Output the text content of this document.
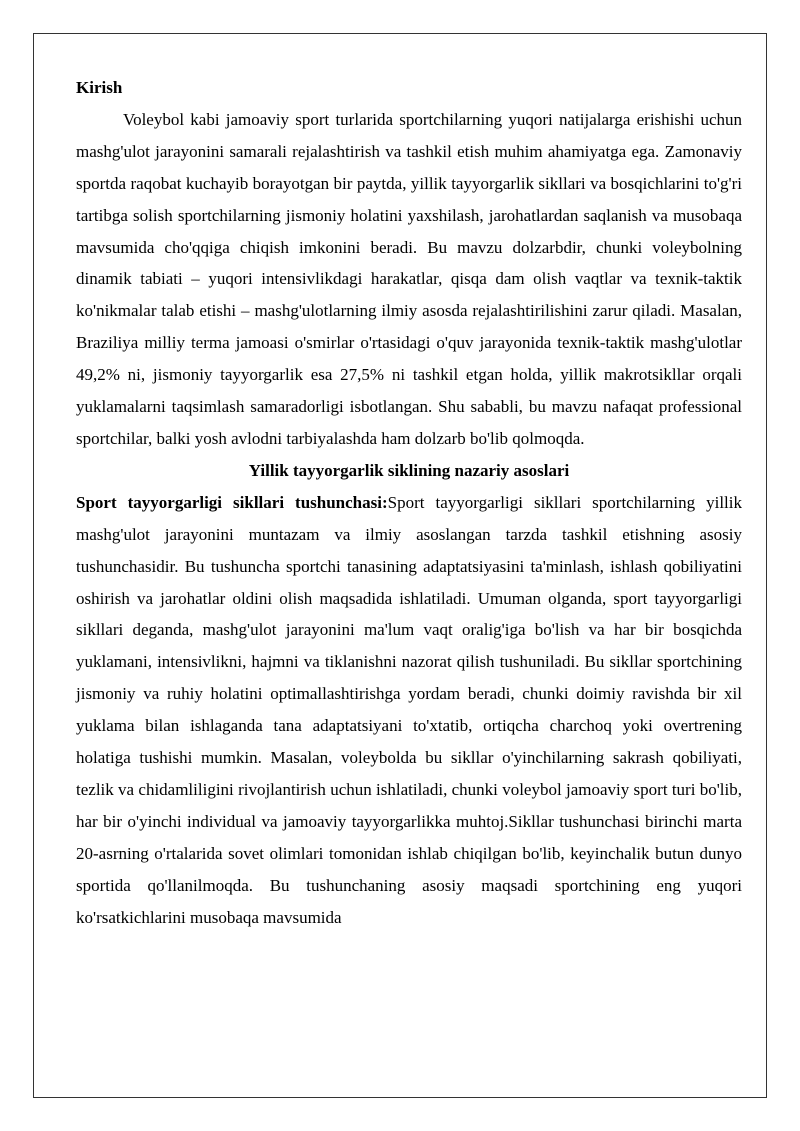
Kirish

Voleybol kabi jamoaviy sport turlarida sportchilarning yuqori natijalarga erishishi uchun mashg'ulot jarayonini samarali rejalashtirish va tashkil etish muhim ahamiyatga ega. Zamonaviy sportda raqobat kuchayib borayotgan bir paytda, yillik tayyorgarlik sikllari va bosqichlarini to'g'ri tartibga solish sportchilarning jismoniy holatini yaxshilash, jarohatlardan saqlanish va musobaqa mavsumida cho'qqiga chiqish imkonini beradi. Bu mavzu dolzarbdir, chunki voleybolning dinamik tabiati – yuqori intensivlikdagi harakatlar, qisqa dam olish vaqtlar va texnik-taktik ko'nikmalar talab etishi – mashg'ulotlarning ilmiy asosda rejalashtirilishini zarur qiladi. Masalan, Braziliya milliy terma jamoasi o'smirlar o'rtasidagi o'quv jarayonida texnik-taktik mashg'ulotlar 49,2% ni, jismoniy tayyorgarlik esa 27,5% ni tashkil etgan holda, yillik makrotsikllar orqali yuklamalarni taqsimlash samaradorligi isbotlangan. Shu sababli, bu mavzu nafaqat professional sportchilar, balki yosh avlodni tarbiyalashda ham dolzarb bo'lib qolmoqda.

Yillik tayyorgarlik siklining nazariy asoslari

Sport tayyorgarligi sikllari tushunchasi:Sport tayyorgarligi sikllari sportchilarning yillik mashg'ulot jarayonini muntazam va ilmiy asoslangan tarzda tashkil etishning asosiy tushunchasidir. Bu tushuncha sportchi tanasining adaptatsiyasini ta'minlash, ishlash qobiliyatini oshirish va jarohatlar oldini olish maqsadida ishlatiladi. Umuman olganda, sport tayyorgarligi sikllari deganda, mashg'ulot jarayonini ma'lum vaqt oralig'iga bo'lish va har bir bosqichda yuklamani, intensivlikni, hajmni va tiklanishni nazorat qilish tushuniladi. Bu sikllar sportchining jismoniy va ruhiy holatini optimallashtirishga yordam beradi, chunki doimiy ravishda bir xil yuklama bilan ishlaganda tana adaptatsiyani to'xtatib, ortiqcha charchoq yoki overtrening holatiga tushishi mumkin. Masalan, voleybolda bu sikllar o'yinchilarning sakrash qobiliyati, tezlik va chidamliligini rivojlantirish uchun ishlatiladi, chunki voleybol jamoaviy sport turi bo'lib, har bir o'yinchi individual va jamoaviy tayyorgarlikka muhtoj.Sikllar tushunchasi birinchi marta 20-asrning o'rtalarida sovet olimlari tomonidan ishlab chiqilgan bo'lib, keyinchalik butun dunyo sportida qo'llanilmoqda. Bu tushunchaning asosiy maqsadi sportchining eng yuqori ko'rsatkichlarini musobaqa mavsumida
